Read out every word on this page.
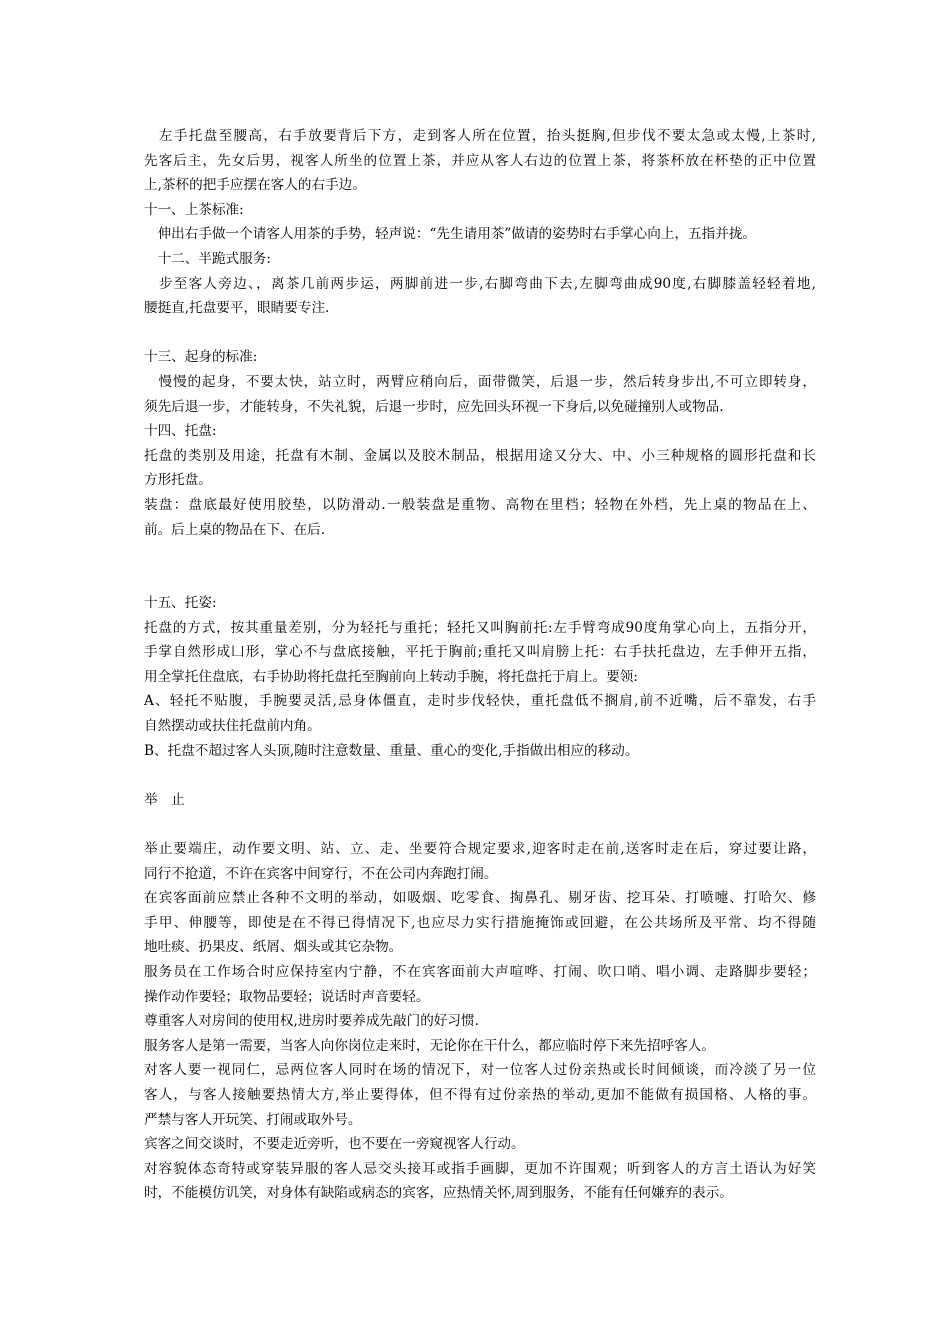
　左手托盘至腰高，右手放要背后下方，走到客人所在位置，抬头挺胸,但步伐不要太急或太慢,上茶时,
先客后主，先女后男，视客人所坐的位置上茶，并应从客人右边的位置上茶，将茶杯放在杯垫的正中位置
上,茶杯的把手应摆在客人的右手边。
十一、上茶标准:
　伸出右手做一个请客人用茶的手势，轻声说：“先生请用茶”做请的姿势时右手掌心向上，五指并拢。
　十二、半跪式服务:
　步至客人旁边、，离茶几前两步运，两脚前进一步,右脚弯曲下去,左脚弯曲成90度,右脚膝盖轻轻着地,
腰挺直,托盘要平，眼睛要专注.
十三、起身的标准:
　慢慢的起身，不要太快，站立时，两臂应稍向后，面带微笑，后退一步，然后转身步出,不可立即转身，
须先后退一步，才能转身，不失礼貌，后退一步时，应先回头环视一下身后,以免碰撞别人或物品.
十四、托盘:
托盘的类别及用途，托盘有木制、金属以及胶木制品，根据用途又分大、中、小三种规格的圆形托盘和长
方形托盘。
装盘：盘底最好使用胶垫，以防滑动.一般装盘是重物、高物在里档；轻物在外档，先上桌的物品在上、
前。后上桌的物品在下、在后.
十五、托姿:
托盘的方式，按其重量差别，分为轻托与重托；轻托又叫胸前托:左手臂弯成90度角掌心向上，五指分开，
手掌自然形成凵形，掌心不与盘底接触，平托于胸前;重托又叫肩膀上托：右手扶托盘边，左手伸开五指，
用全掌托住盘底，右手协助将托盘托至胸前向上转动手腕，将托盘托于肩上。要领:
A、轻托不贴腹，手腕要灵活,忌身体僵直，走时步伐轻快，重托盘低不搁肩,前不近嘴，后不靠发，右手
自然摆动或扶住托盘前内角。
B、托盘不超过客人头顶,随时注意数量、重量、重心的变化,手指做出相应的移动。
举　止
举止要端庄，动作要文明、站、立、走、坐要符合规定要求,迎客时走在前,送客时走在后，穿过要让路，
同行不抢道，不许在宾客中间穿行，不在公司内奔跑打闹。
在宾客面前应禁止各种不文明的举动，如吸烟、吃零食、掏鼻孔、剔牙齿、挖耳朵、打喷嚏、打哈欠、修
手甲、伸腰等，即使是在不得已得情况下,也应尽力实行措施掩饰或回避，在公共场所及平常、均不得随
地吐痰、扔果皮、纸屑、烟头或其它杂物。
服务员在工作场合时应保持室内宁静，不在宾客面前大声喧哗、打闹、吹口哨、唱小调、走路脚步要轻；
操作动作要轻；取物品要轻；说话时声音要轻。
尊重客人对房间的使用权,进房时要养成先敲门的好习惯.
服务客人是第一需要，当客人向你岗位走来时，无论你在干什么，都应临时停下来先招呼客人。
对客人要一视同仁，忌两位客人同时在场的情况下，对一位客人过份亲热或长时间倾谈，而冷淡了另一位
客人，与客人接触要热情大方,举止要得体，但不得有过份亲热的举动,更加不能做有损国格、人格的事。
严禁与客人开玩笑、打闹或取外号。
宾客之间交谈时，不要走近旁听，也不要在一旁窥视客人行动。
对容貌体态奇特或穿装异服的客人忌交头接耳或指手画脚，更加不许围观；听到客人的方言土语认为好笑
时，不能模仿讥笑，对身体有缺陷或病态的宾客，应热情关怀,周到服务，不能有任何嫌弃的表示。
